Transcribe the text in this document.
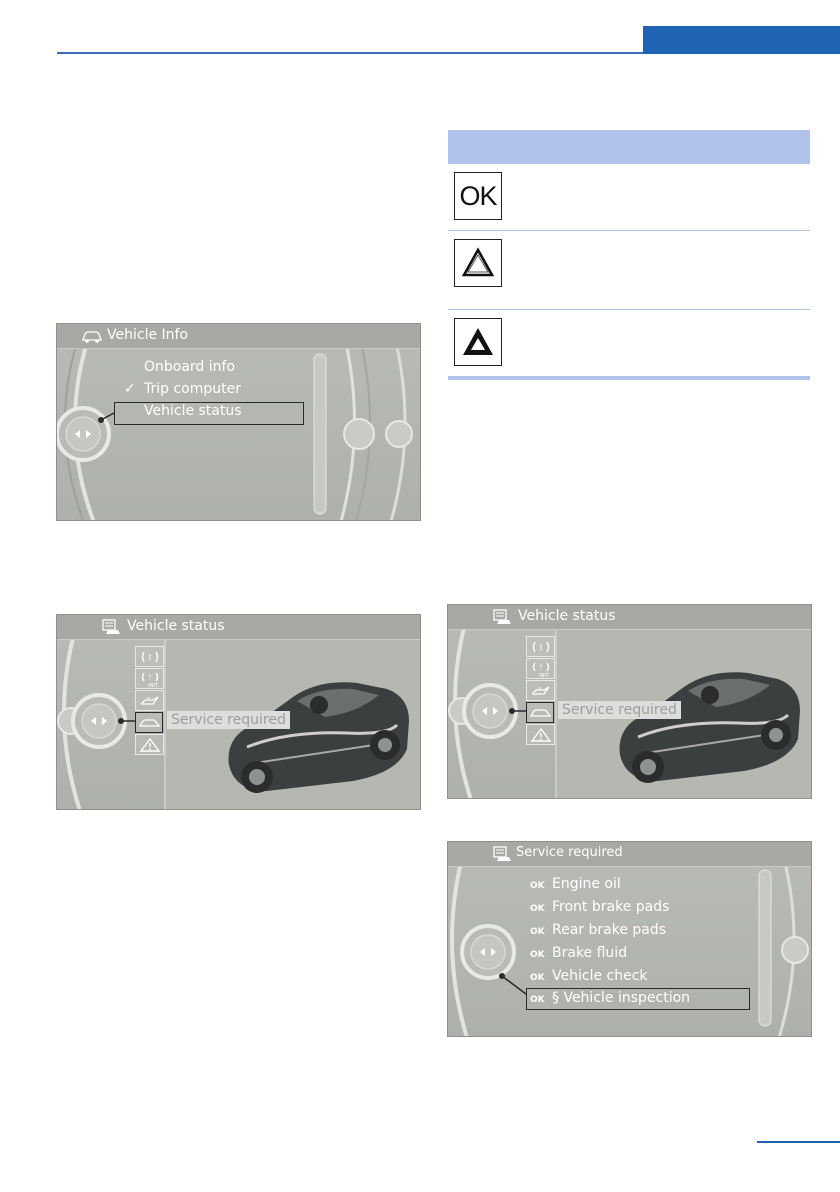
Vehicle Info
Onboard info
✓ Trip computer
Vehicle status
Vehicle status
!
!
INIT
Service required
OK
Vehicle status
!
!
INIT
Service required
Service required
OK Engine oil
OK Front brake pads
OK Rear brake pads
OK Brake fluid
OK Vehicle check
OK § Vehicle inspection
